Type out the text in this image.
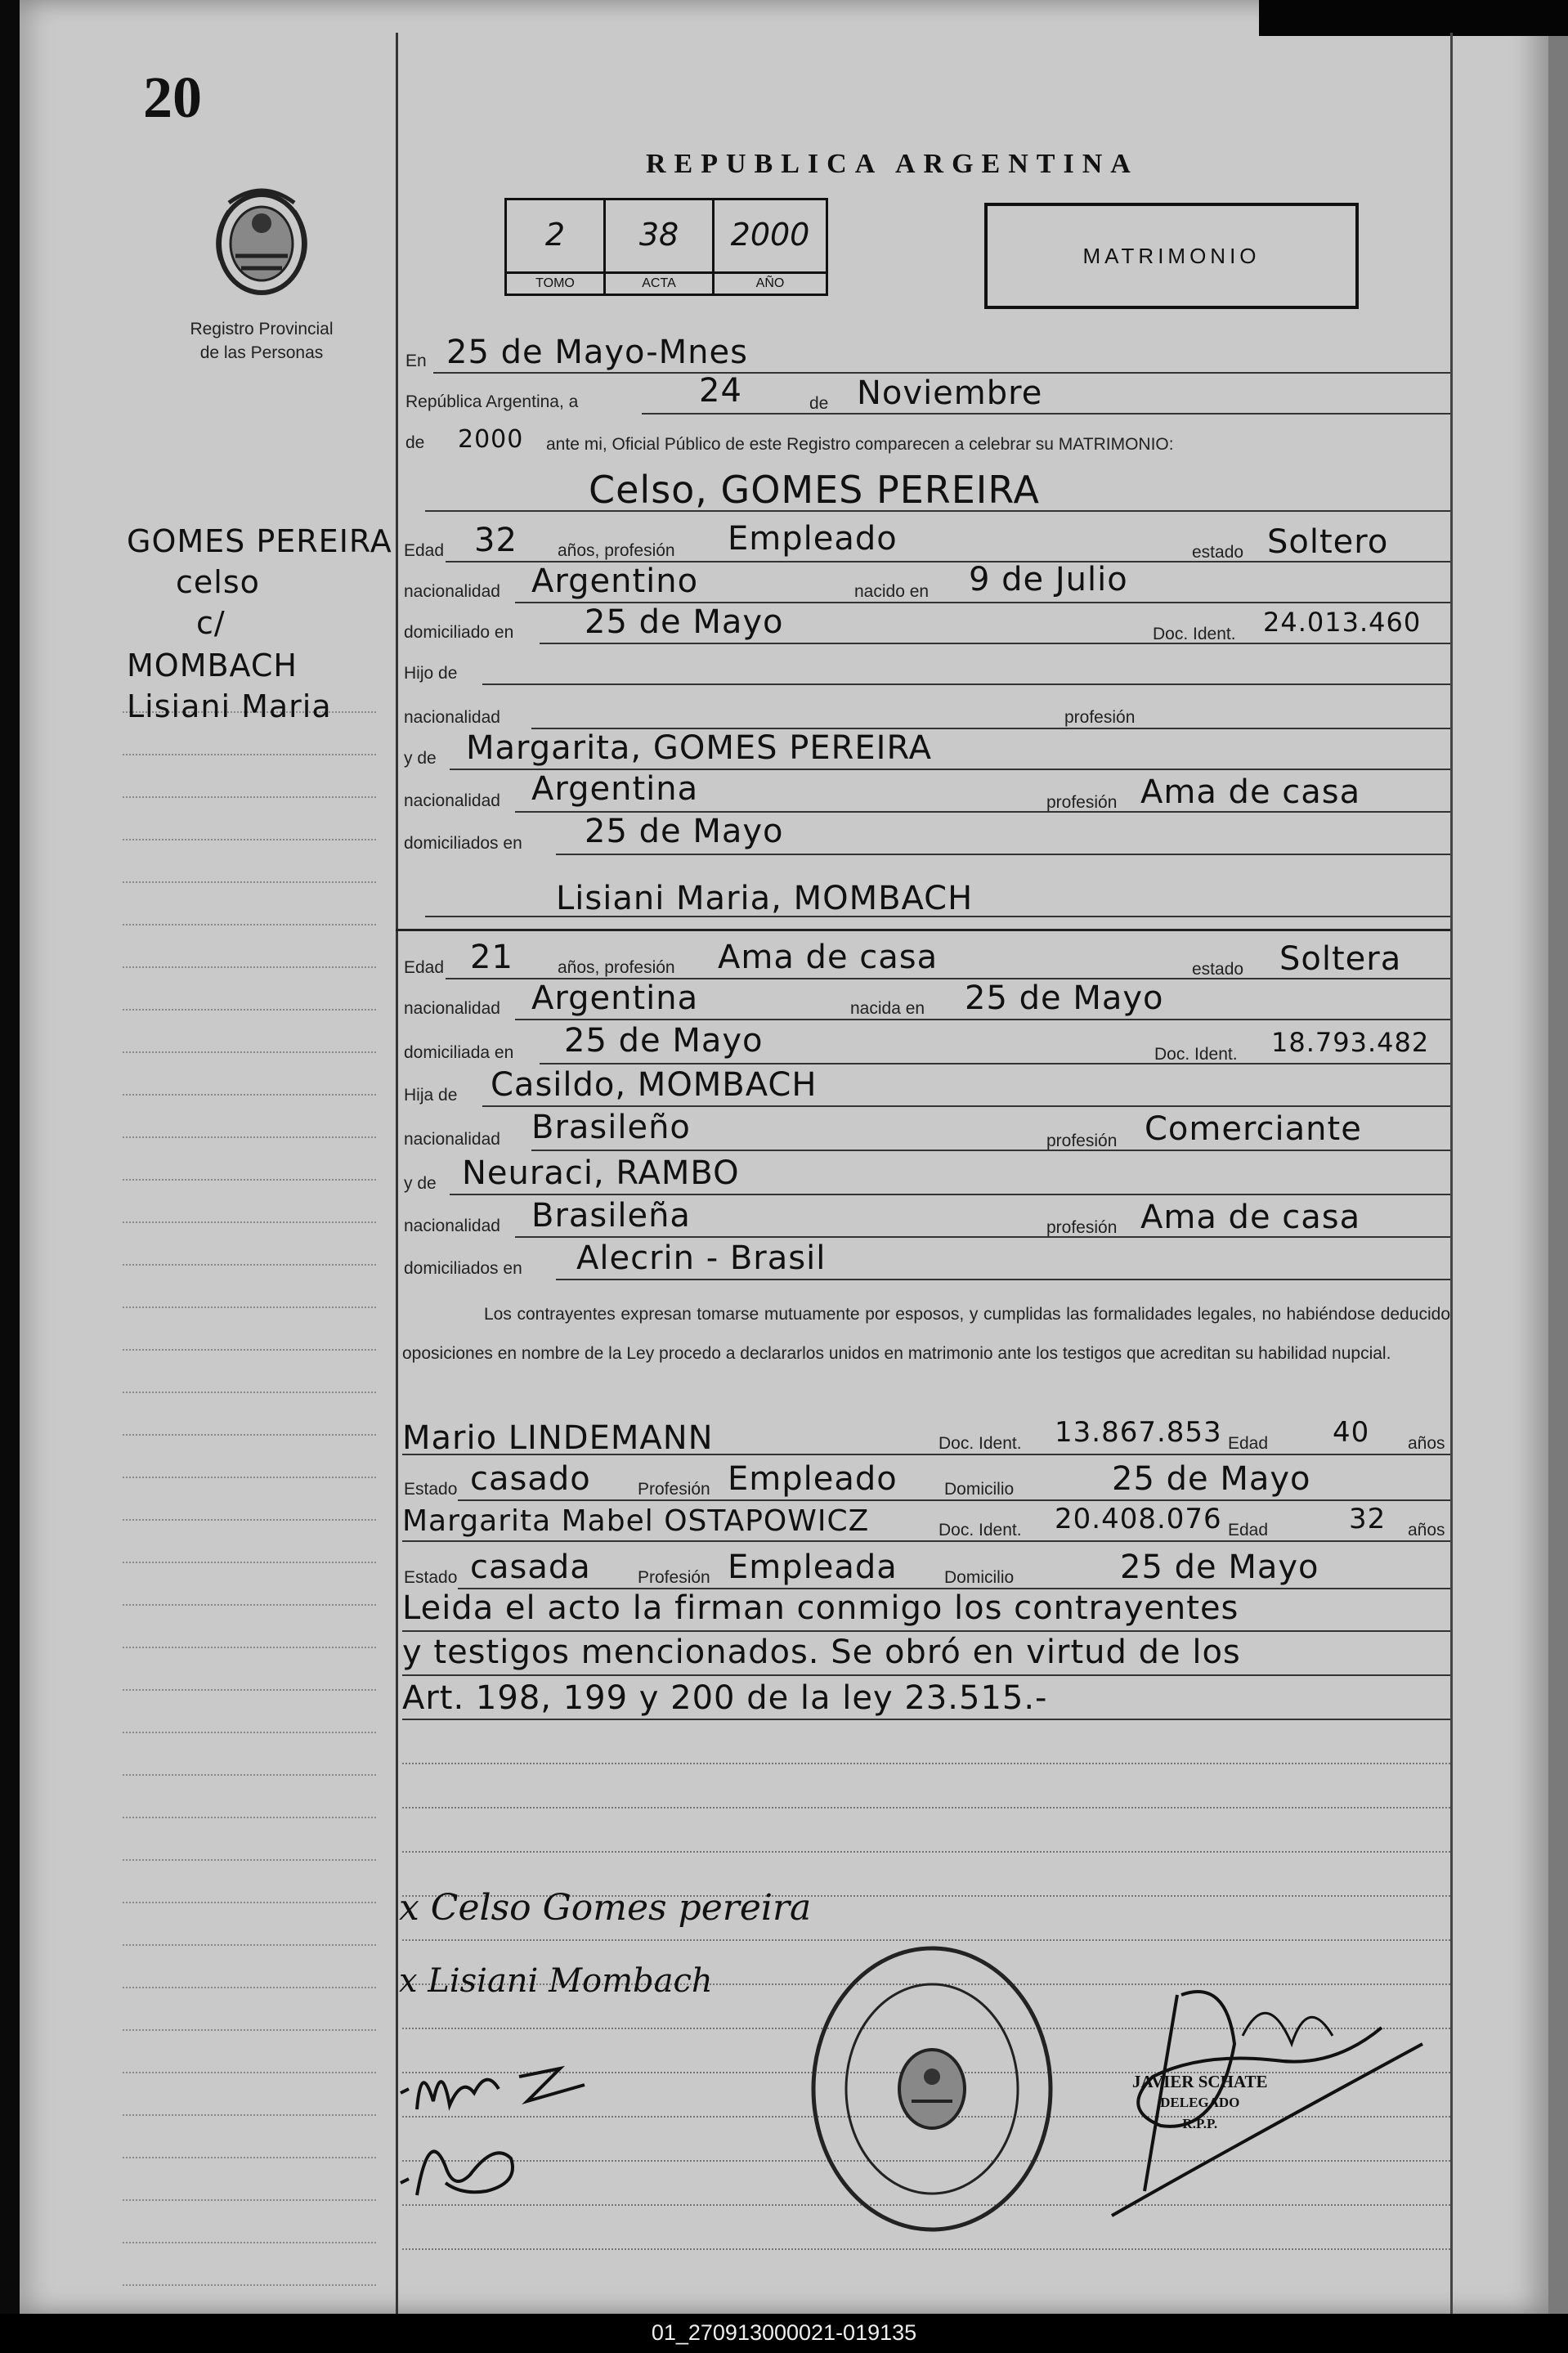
20
Registro Provincial
de las Personas
GOMES PEREIRA
celso
c/
MOMBACH
Lisiani Maria
REPUBLICA ARGENTINA
2
TOMO
38
ACTA
2000
AÑO
MATRIMONIO
En 25 de Mayo-Mnes
República Argentina, a	24	de Noviembre
de 2000 ante mi, Oficial Público de este Registro comparecen a celebrar su MATRIMONIO:
Celso, GOMES PEREIRA
Edad 32 años, profesión Empleado	estado Soltero
nacionalidad Argentino	nacido en 9 de Julio
domiciliado en 25 de Mayo	Doc. Ident. 24.013.460
Hijo de
nacionalidad	profesión
y de Margarita, GOMES PEREIRA
nacionalidad Argentina	profesión Ama de casa
domiciliados en 25 de Mayo
Lisiani Maria, MOMBACH
Edad 21	años, profesión Ama de casa	estado Soltera
nacionalidad Argentina	nacida en 25 de Mayo
domiciliada en 25 de Mayo	Doc. Ident. 18.793.482
Hija de Casildo, MOMBACH
nacionalidad Brasileño	profesión Comerciante
y de Neuraci, RAMBO
nacionalidad Brasileña	profesión Ama de casa
domiciliados en Alecrin - Brasil
Los contrayentes expresan tomarse mutuamente por esposos, y cumplidas las formalidades legales, no habiéndose deducido oposiciones en nombre de la Ley procedo a declararlos unidos en matrimonio ante los testigos que acreditan su habilidad nupcial.
Mario LINDEMANN	Doc. Ident. 13.867.853 Edad 40 años
Estado casado	Profesión Empleado	Domicilio	25 de Mayo
Margarita Mabel OSTAPOWICZ	Doc. Ident. 20.408.076 Edad	32 años
Estado casada	Profesión Empleada	Domicilio	25 de Mayo
Leida el acto la firman conmigo los contrayentes
y testigos mencionados. Se obró en virtud de los
Art. 198, 199 y 200 de la ley 23.515.-
x Celso Gomes pereira
x Lisiani Mombach
JAVIER SCHATE
DELEGADO
R.P.P.
01_270913000021-019135
